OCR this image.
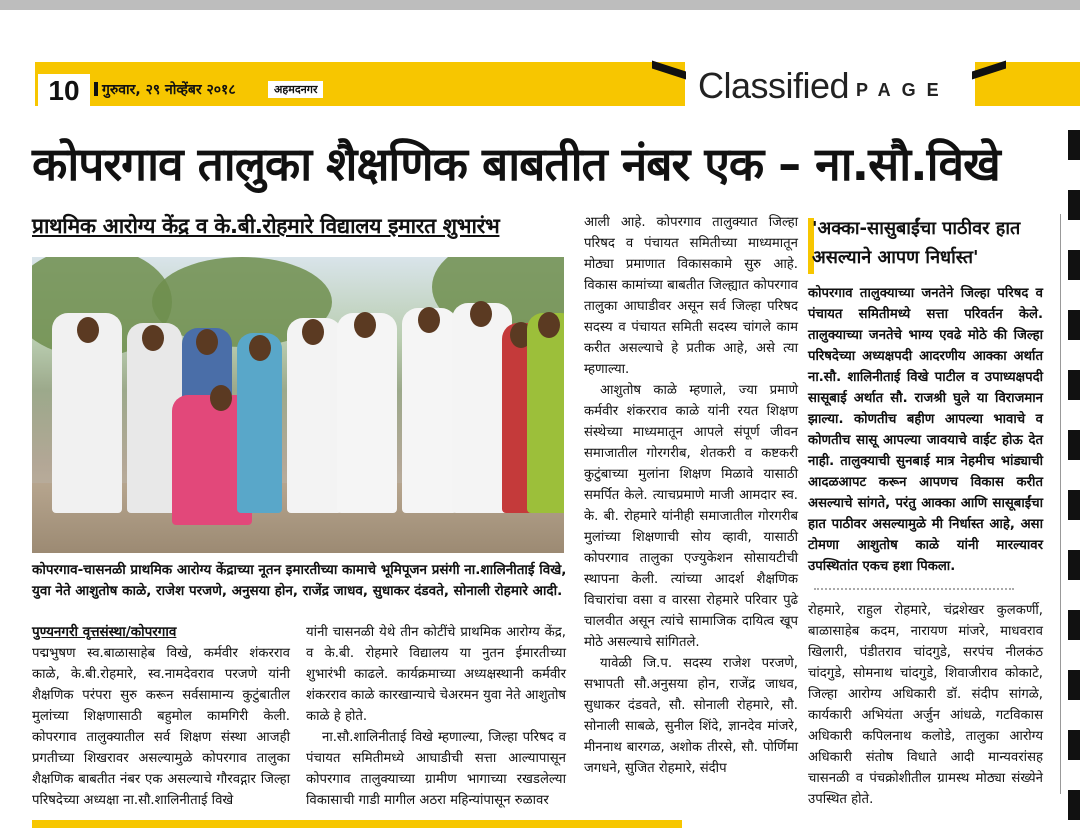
10	गुरुवार, २९ नोव्हेंबर २०१८	अहमदनगर	Classified PAGE
कोपरगाव तालुका शैक्षणिक बाबतीत नंबर एक – ना.सौ.विखे
प्राथमिक आरोग्य केंद्र व के.बी.रोहमारे विद्यालय इमारत शुभारंभ
कोपरगाव-चासनळी प्राथमिक आरोग्य केंद्राच्या नूतन इमारतीच्या कामाचे भूमिपूजन प्रसंगी ना.शालिनीताई विखे, युवा नेते आशुतोष काळे, राजेश परजणे, अनुसया होन, राजेंद्र जाधव, सुधाकर दंडवते, सोनाली रोहमारे आदी.
पुण्यनगरी वृत्तसंस्था/कोपरगाव
पद्मभुषण स्व.बाळासाहेब विखे, कर्मवीर शंकरराव काळे, के.बी.रोहमारे, स्व.नामदेवराव परजणे यांनी शैक्षणिक परंपरा सुरु करून सर्वसामान्य कुटुंबातील मुलांच्या शिक्षणासाठी बहुमोल कामगिरी केली. कोपरगाव तालुक्यातील सर्व शिक्षण संस्था आजही प्रगतीच्या शिखरावर असल्यामुळे कोपरगाव तालुका शैक्षणिक बाबतीत नंबर एक असल्याचे गौरवद्गार जिल्हा परिषदेच्या अध्यक्षा ना.सौ.शालिनीताई विखे
यांनी चासनळी येथे तीन कोटींचे प्राथमिक आरोग्य केंद्र, व के.बी. रोहमारे विद्यालय या नुतन ईमारतीच्या शुभारंभी काढले. कार्यक्रमाच्या अध्यक्षस्थानी कर्मवीर शंकरराव काळे कारखान्याचे चेअरमन युवा नेते आशुतोष काळे हे होते.
ना.सौ.शालिनीताई विखे म्हणाल्या, जिल्हा परिषद व पंचायत समितीमध्ये आघाडीची सत्ता आल्यापासून कोपरगाव तालुक्याच्या ग्रामीण भागाच्या रखडलेल्या विकासाची गाडी मागील अठरा महिन्यांपासून रुळावर
आली आहे. कोपरगाव तालुक्यात जिल्हा परिषद व पंचायत समितीच्या माध्यमातून मोठ्या प्रमाणात विकासकामे सुरु आहे. विकास कामांच्या बाबतीत जिल्ह्यात कोपरगाव तालुका आघाडीवर असून सर्व जिल्हा परिषद सदस्य व पंचायत समिती सदस्य चांगले काम करीत असल्याचे हे प्रतीक आहे, असे त्या म्हणाल्या.
आशुतोष काळे म्हणाले, ज्या प्रमाणे कर्मवीर शंकरराव काळे यांनी रयत शिक्षण संस्थेच्या माध्यमातून आपले संपूर्ण जीवन समाजातील गोरगरीब, शेतकरी व कष्टकरी कुटुंबाच्या मुलांना शिक्षण मिळावे यासाठी समर्पित केले. त्याचप्रमाणे माजी आमदार स्व. के. बी. रोहमारे यांनीही समाजातील गोरगरीब मुलांच्या शिक्षणाची सोय व्हावी, यासाठी कोपरगाव तालुका एज्युकेशन सोसायटीची स्थापना केली. त्यांच्या आदर्श शैक्षणिक विचारांचा वसा व वारसा रोहमारे परिवार पुढे चालवीत असून त्यांचे सामाजिक दायित्व खूप मोठे असल्याचे सांगितले.
यावेळी जि.प. सदस्य राजेश परजणे, सभापती सौ.अनुसया होन, राजेंद्र जाधव, सुधाकर दंडवते, सौ. सोनाली रोहमारे, सौ. सोनाली साबळे, सुनील शिंदे, ज्ञानदेव मांजरे, मीननाथ बारगळ, अशोक तीरसे, सौ. पोर्णिमा जगधने, सुजित रोहमारे, संदीप
'अक्का-सासुबाईंचा पाठीवर हात असल्याने आपण निर्धास्त'
कोपरगाव तालुक्याच्या जनतेने जिल्हा परिषद व पंचायत समितीमध्ये सत्ता परिवर्तन केले. तालुक्याच्या जनतेचे भाग्य एवढे मोठे की जिल्हा परिषदेच्या अध्यक्षपदी आदरणीय आक्का अर्थात ना.सौ. शालिनीताई विखे पाटील व उपाध्यक्षपदी सासूबाई अर्थात सौ. राजश्री घुले या विराजमान झाल्या. कोणतीच बहीण आपल्या भावाचे व कोणतीच सासू आपल्या जावयाचे वाईट होऊ देत नाही. तालुक्याची सुनबाई मात्र नेहमीच भांड्याची आदळआपट करून आपणच विकास करीत असल्याचे सांगते, परंतु आक्का आणि सासूबाईंचा हात पाठीवर असल्यामुळे मी निर्धास्त आहे, असा टोमणा आशुतोष काळे यांनी मारल्यावर उपस्थितांत एकच हशा पिकला.
रोहमारे, राहुल रोहमारे, चंद्रशेखर कुलकर्णी, बाळासाहेब कदम, नारायण मांजरे, माधवराव खिलारी, पंडीतराव चांदगुडे, सरपंच नीलकंठ चांदगुडे, सोमनाथ चांदगुडे, शिवाजीराव कोकाटे, जिल्हा आरोग्य अधिकारी डॉ. संदीप सांगळे, कार्यकारी अभियंता अर्जुन आंधळे, गटविकास अधिकारी कपिलनाथ कलोडे, तालुका आरोग्य अधिकारी संतोष विधाते आदी मान्यवरांसह चासनळी व पंचक्रोशीतील ग्रामस्थ मोठ्या संख्येने उपस्थित होते.
